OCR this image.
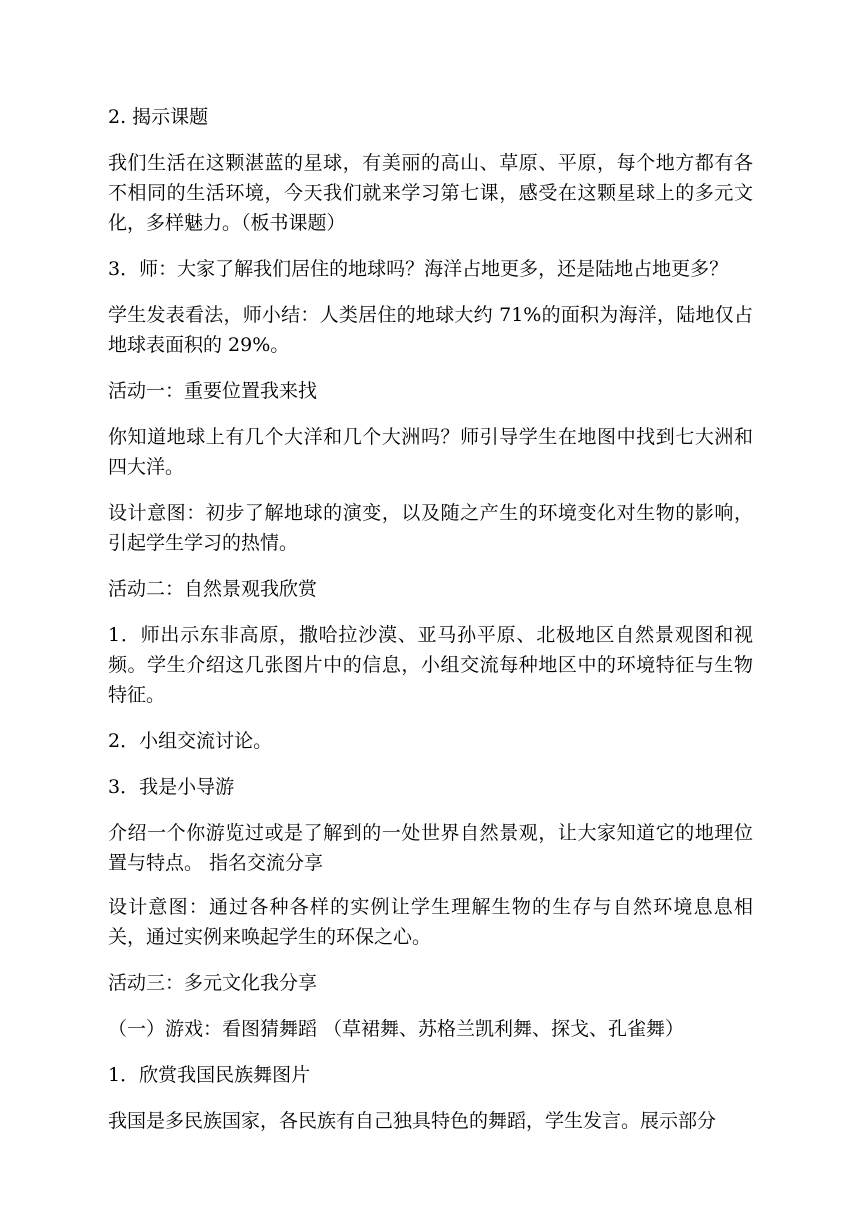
2. 揭示课题

我们生活在这颗湛蓝的星球，有美丽的高山、草原、平原，每个地方都有各不相同的生活环境，今天我们就来学习第七课，感受在这颗星球上的多元文化，多样魅力。（板书课题）

3．师：大家了解我们居住的地球吗？海洋占地更多，还是陆地占地更多？

学生发表看法，师小结：人类居住的地球大约 71%的面积为海洋，陆地仅占地球表面积的 29%。

活动一：重要位置我来找

你知道地球上有几个大洋和几个大洲吗？师引导学生在地图中找到七大洲和四大洋。

设计意图：初步了解地球的演变，以及随之产生的环境变化对生物的影响，引起学生学习的热情。

活动二：自然景观我欣赏

1．师出示东非高原，撒哈拉沙漠、亚马孙平原、北极地区自然景观图和视频。学生介绍这几张图片中的信息，小组交流每种地区中的环境特征与生物特征。

2．小组交流讨论。

3．我是小导游

介绍一个你游览过或是了解到的一处世界自然景观，让大家知道它的地理位置与特点。 指名交流分享

设计意图：通过各种各样的实例让学生理解生物的生存与自然环境息息相关，通过实例来唤起学生的环保之心。

活动三：多元文化我分享

（一）游戏：看图猜舞蹈 （草裙舞、苏格兰凯利舞、探戈、孔雀舞）

1．欣赏我国民族舞图片

我国是多民族国家，各民族有自己独具特色的舞蹈，学生发言。展示部分
